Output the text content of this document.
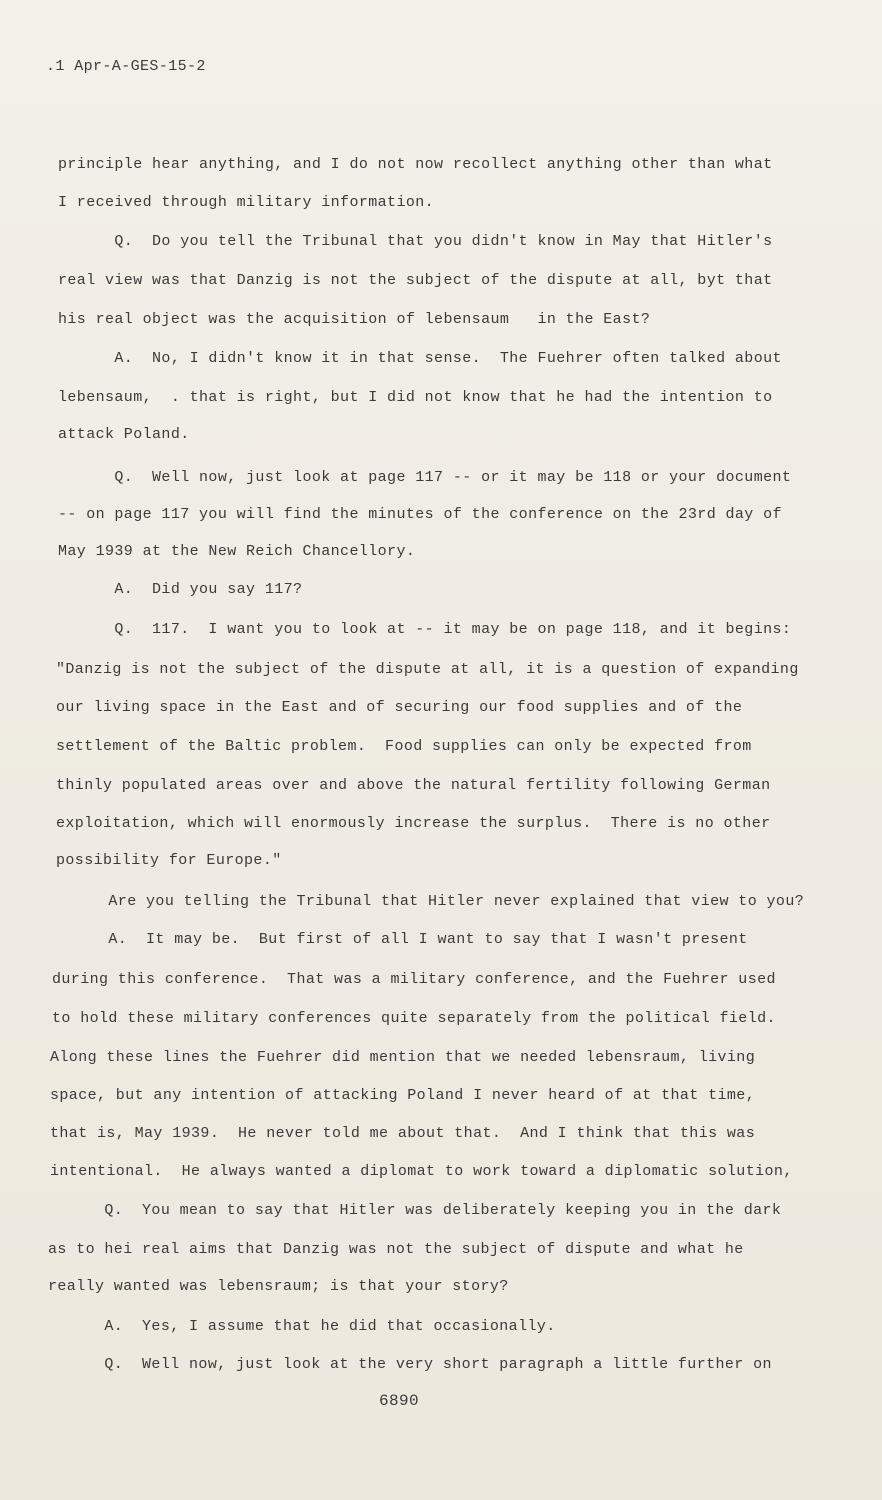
.1 Apr-A-GES-15-2
principle hear anything, and I do not now recollect anything other than what
I received through military information.
Q.  Do you tell the Tribunal that you didn't know in May that Hitler's
real view was that Danzig is not the subject of the dispute at all, byt that
his real object was the acquisition of lebensaum   in the East?
A.  No, I didn't know it in that sense.  The Fuehrer often talked about
lebensaum,  . that is right, but I did not know that he had the intention to
attack Poland.
Q.  Well now, just look at page 117 -- or it may be 118 or your document
-- on page 117 you will find the minutes of the conference on the 23rd day of
May 1939 at the New Reich Chancellory.
A.  Did you say 117?
Q.  117.  I want you to look at -- it may be on page 118, and it begins:
"Danzig is not the subject of the dispute at all, it is a question of expanding
our living space in the East and of securing our food supplies and of the
settlement of the Baltic problem.  Food supplies can only be expected from
thinly populated areas over and above the natural fertility following German
exploitation, which will enormously increase the surplus.  There is no other
possibility for Europe."
Are you telling the Tribunal that Hitler never explained that view to you?
A.  It may be.  But first of all I want to say that I wasn't present
during this conference.  That was a military conference, and the Fuehrer used
to hold these military conferences quite separately from the political field.
Along these lines the Fuehrer did mention that we needed lebensraum, living
space, but any intention of attacking Poland I never heard of at that time,
that is, May 1939.  He never told me about that.  And I think that this was
intentional.  He always wanted a diplomat to work toward a diplomatic solution,
Q.  You mean to say that Hitler was deliberately keeping you in the dark
as to hei real aims that Danzig was not the subject of dispute and what he
really wanted was lebensraum; is that your story?
A.  Yes, I assume that he did that occasionally.
Q.  Well now, just look at the very short paragraph a little further on
6890
